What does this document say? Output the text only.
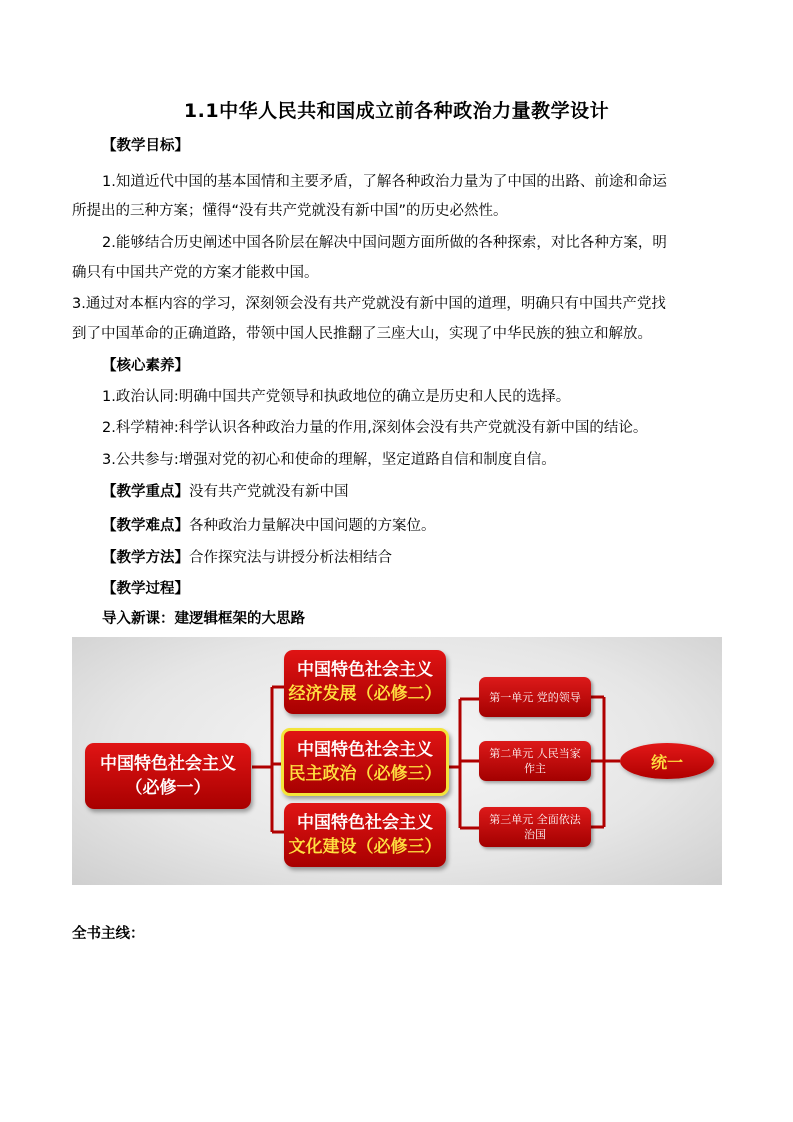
1.1中华人民共和国成立前各种政治力量教学设计
【教学目标】
1.知道近代中国的基本国情和主要矛盾，了解各种政治力量为了中国的出路、前途和命运
所提出的三种方案；懂得“没有共产党就没有新中国”的历史必然性。
2.能够结合历史阐述中国各阶层在解决中国问题方面所做的各种探索，对比各种方案，明
确只有中国共产党的方案才能救中国。
3.通过对本框内容的学习，深刻领会没有共产党就没有新中国的道理，明确只有中国共产党找
到了中国革命的正确道路，带领中国人民推翻了三座大山，实现了中华民族的独立和解放。
【核心素养】
1.政治认同:明确中国共产党领导和执政地位的确立是历史和人民的选择。
2.科学精神:科学认识各种政治力量的作用,深刻体会没有共产党就没有新中国的结论。
3.公共参与:增强对党的初心和使命的理解，坚定道路自信和制度自信。
【教学重点】没有共产党就没有新中国
【教学难点】各种政治力量解决中国问题的方案位。
【教学方法】合作探究法与讲授分析法相结合
【教学过程】
导入新课：建逻辑框架的大思路
中国特色社会主义
（必修一）
中国特色社会主义
经济发展（必修二）
中国特色社会主义
民主政治（必修三）
中国特色社会主义
文化建设（必修三）
第一单元 党的领导
第二单元 人民当家作主
第三单元 全面依法治国
统一
全书主线：
